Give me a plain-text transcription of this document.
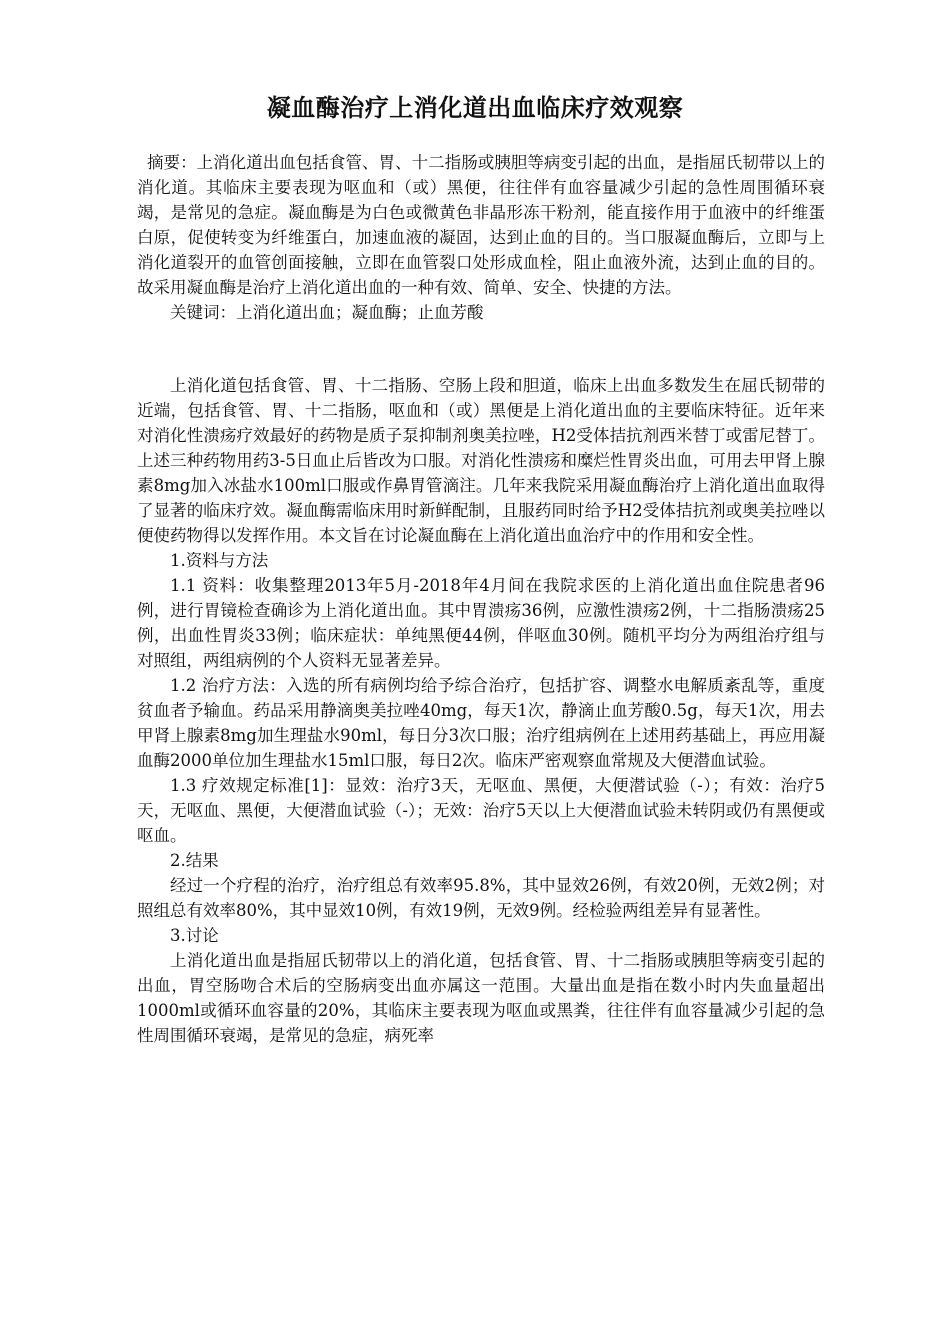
凝血酶治疗上消化道出血临床疗效观察

摘要：上消化道出血包括食管、胃、十二指肠或胰胆等病变引起的出血，是指屈氏韧带以上的消化道。其临床主要表现为呕血和（或）黑便，往往伴有血容量减少引起的急性周围循环衰竭，是常见的急症。凝血酶是为白色或微黄色非晶形冻干粉剂，能直接作用于血液中的纤维蛋白原，促使转变为纤维蛋白，加速血液的凝固，达到止血的目的。当口服凝血酶后，立即与上消化道裂开的血管创面接触，立即在血管裂口处形成血栓，阻止血液外流，达到止血的目的。故采用凝血酶是治疗上消化道出血的一种有效、简单、安全、快捷的方法。

关键词：上消化道出血；凝血酶；止血芳酸

上消化道包括食管、胃、十二指肠、空肠上段和胆道，临床上出血多数发生在屈氏韧带的近端，包括食管、胃、十二指肠，呕血和（或）黑便是上消化道出血的主要临床特征。近年来对消化性溃疡疗效最好的药物是质子泵抑制剂奥美拉唑，H2受体拮抗剂西米替丁或雷尼替丁。上述三种药物用药3-5日血止后皆改为口服。对消化性溃疡和糜烂性胃炎出血，可用去甲肾上腺素8mg加入冰盐水100ml口服或作鼻胃管滴注。几年来我院采用凝血酶治疗上消化道出血取得了显著的临床疗效。凝血酶需临床用时新鲜配制，且服药同时给予H2受体拮抗剂或奥美拉唑以便使药物得以发挥作用。本文旨在讨论凝血酶在上消化道出血治疗中的作用和安全性。

1.资料与方法

1.1 资料：收集整理2013年5月-2018年4月间在我院求医的上消化道出血住院患者96例，进行胃镜检查确诊为上消化道出血。其中胃溃疡36例，应激性溃疡2例，十二指肠溃疡25例，出血性胃炎33例；临床症状：单纯黑便44例，伴呕血30例。随机平均分为两组治疗组与对照组，两组病例的个人资料无显著差异。

1.2 治疗方法：入选的所有病例均给予综合治疗，包括扩容、调整水电解质紊乱等，重度贫血者予输血。药品采用静滴奥美拉唑40mg，每天1次，静滴止血芳酸0.5g，每天1次，用去甲肾上腺素8mg加生理盐水90ml，每日分3次口服；治疗组病例在上述用药基础上，再应用凝血酶2000单位加生理盐水15ml口服，每日2次。临床严密观察血常规及大便潜血试验。

1.3 疗效规定标准[1]：显效：治疗3天，无呕血、黑便，大便潜试验（-）；有效：治疗5天，无呕血、黑便，大便潜血试验（-）；无效：治疗5天以上大便潜血试验未转阴或仍有黑便或呕血。

2.结果

经过一个疗程的治疗，治疗组总有效率95.8%，其中显效26例，有效20例，无效2例；对照组总有效率80%，其中显效10例，有效19例，无效9例。经检验两组差异有显著性。

3.讨论

上消化道出血是指屈氏韧带以上的消化道，包括食管、胃、十二指肠或胰胆等病变引起的出血，胃空肠吻合术后的空肠病变出血亦属这一范围。大量出血是指在数小时内失血量超出1000ml或循环血容量的20%，其临床主要表现为呕血或黑粪，往往伴有血容量减少引起的急性周围循环衰竭，是常见的急症，病死率
